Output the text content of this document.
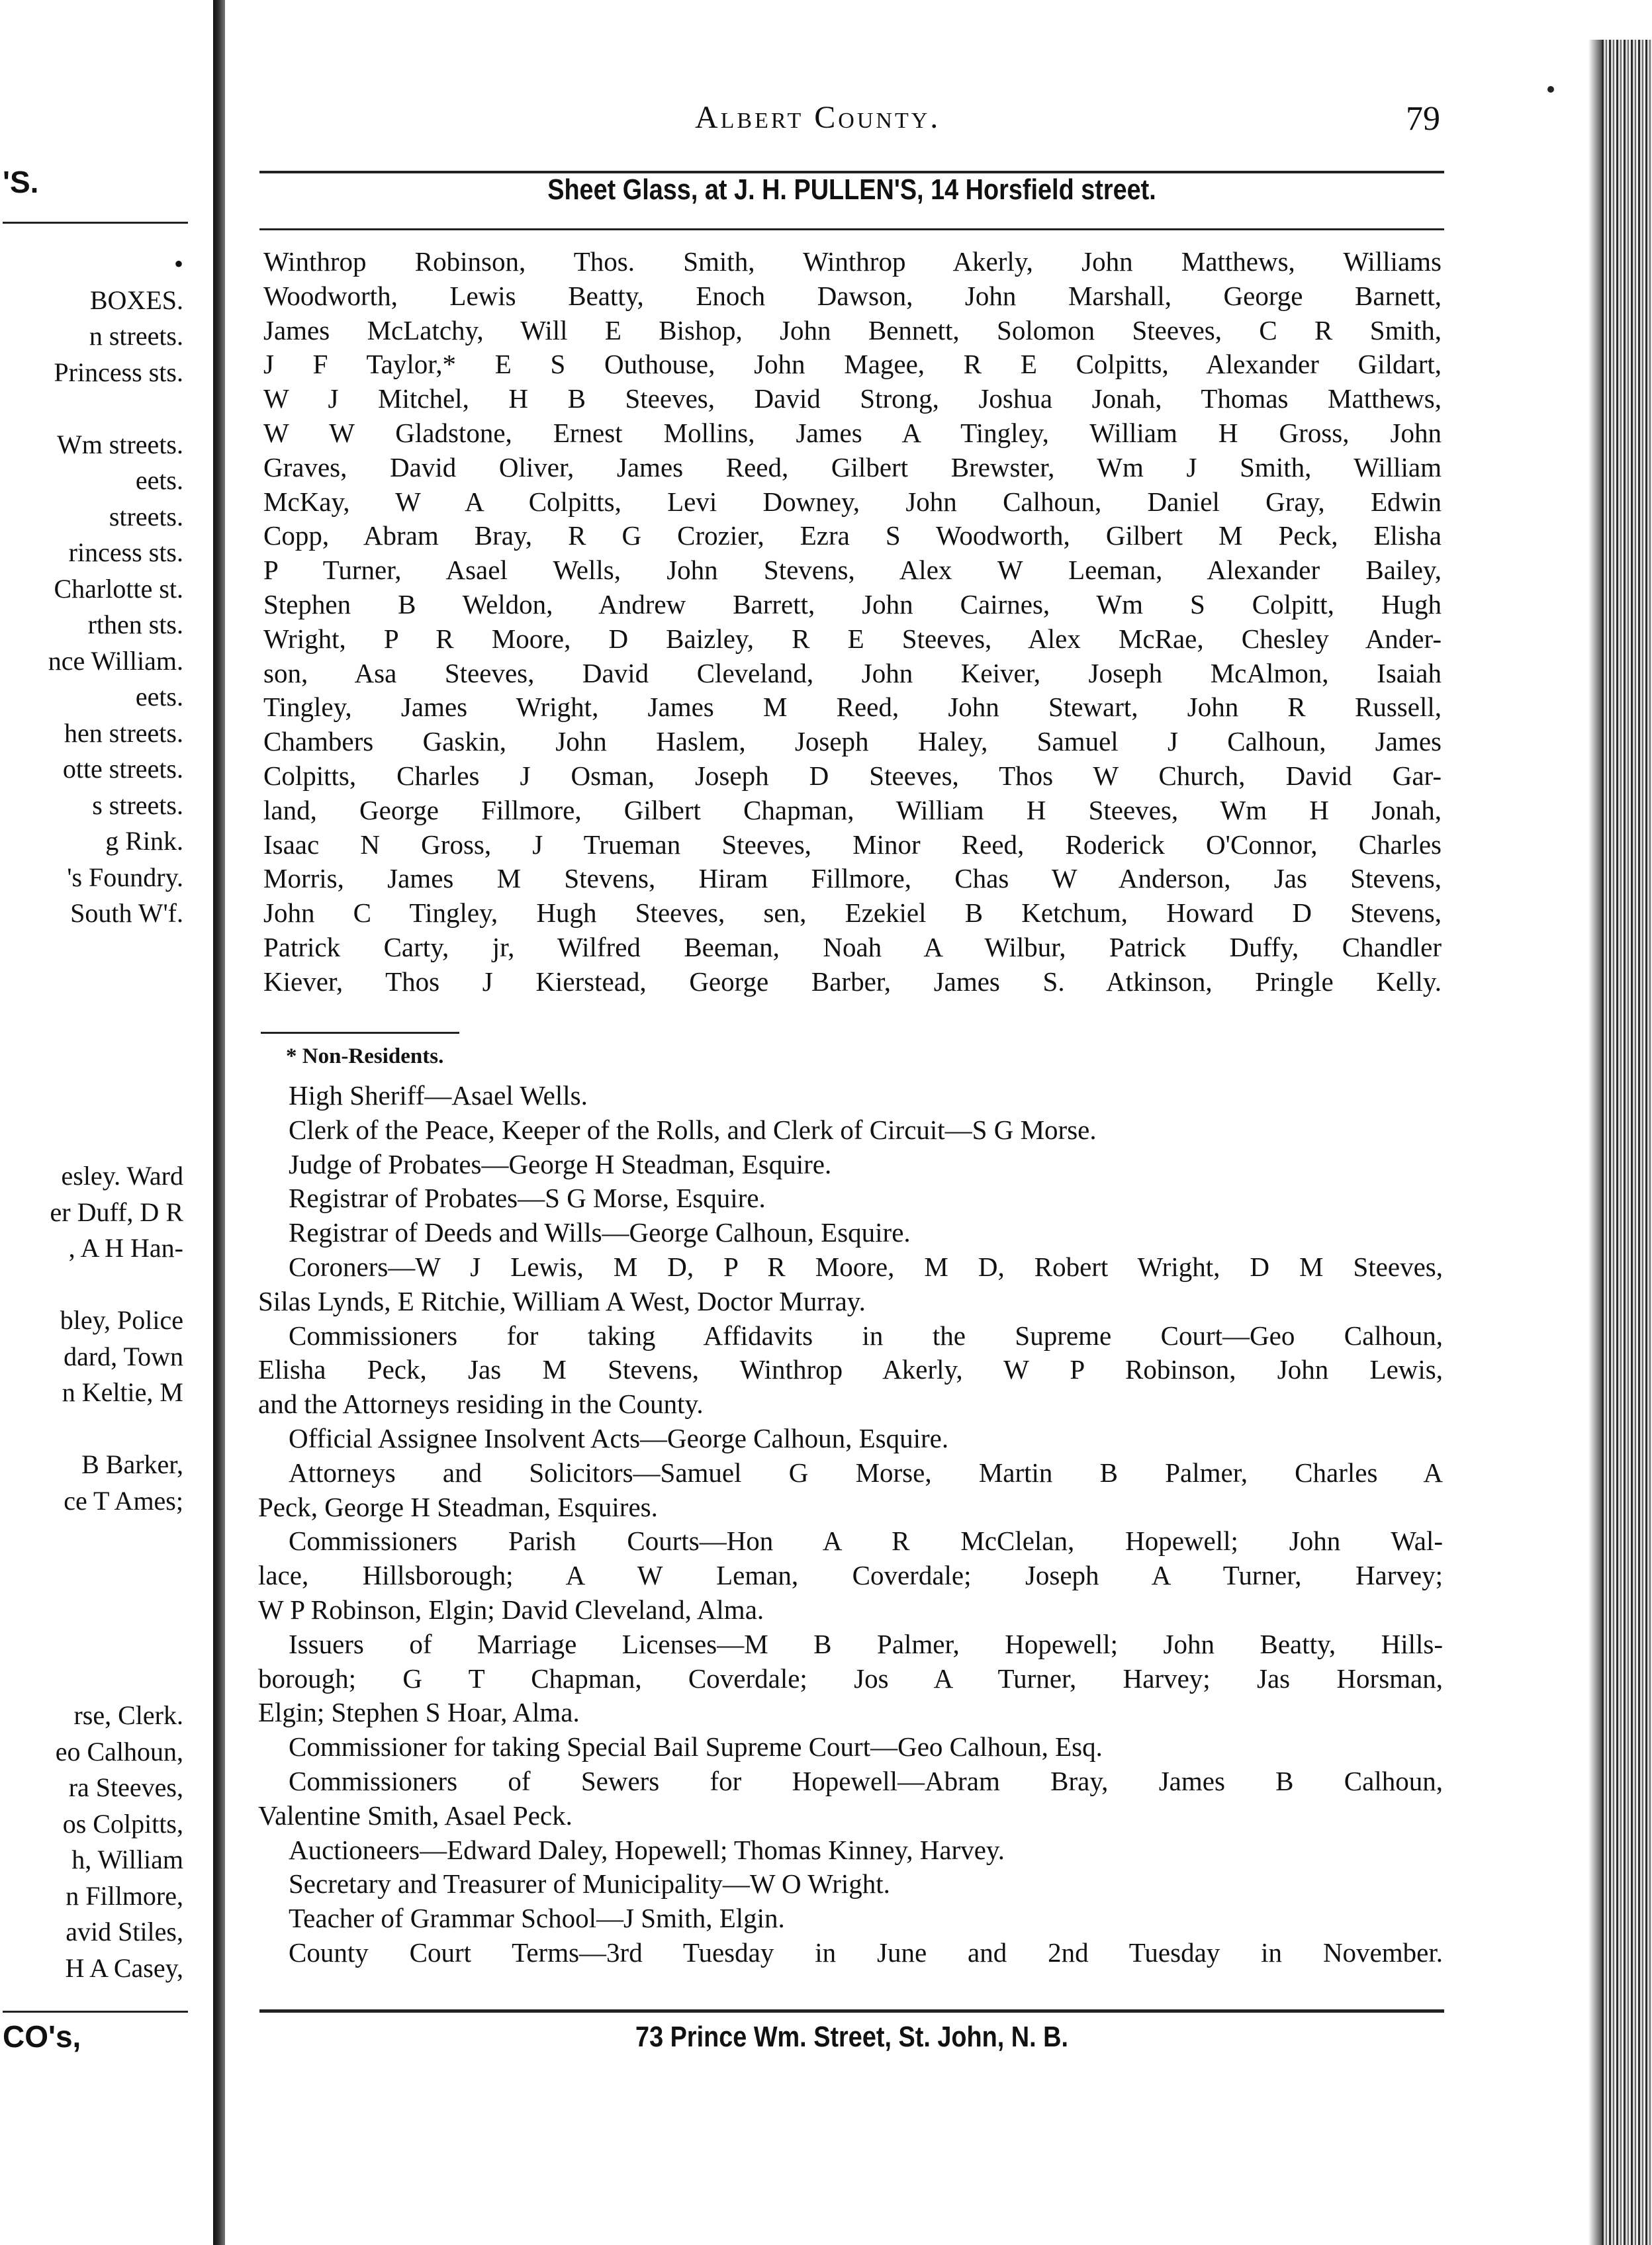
'S.
•
BOXES.
n streets.
Princess sts.
Wm streets.
eets.
streets.
rincess sts.
Charlotte st.
rthen sts.
nce William.
eets.
hen streets.
otte streets.
s streets.
g Rink.
's Foundry.
South W'f.
esley. Ward
er Duff, D R
, A H Han-
bley, Police
dard, Town
n Keltie, M
B Barker,
ce T Ames;
rse, Clerk.
eo Calhoun,
ra Steeves,
os Colpitts,
h, William
n Fillmore,
avid Stiles,
H A Casey,
CO's,
Albert County.	79
Sheet Glass, at J. H. PULLEN'S, 14 Horsfield street.

Winthrop Robinson, Thos. Smith, Winthrop Akerly, John Matthews, Williams

Woodworth, Lewis Beatty, Enoch Dawson, John Marshall, George Barnett,

James McLatchy, Will E Bishop, John Bennett, Solomon Steeves, C R Smith,

J F Taylor,* E S Outhouse, John Magee, R E Colpitts, Alexander Gildart,

W J Mitchel, H B Steeves, David Strong, Joshua Jonah, Thomas Matthews,

W W Gladstone, Ernest Mollins, James A Tingley, William H Gross, John

Graves, David Oliver, James Reed, Gilbert Brewster, Wm J Smith, William

McKay, W A Colpitts, Levi Downey, John Calhoun, Daniel Gray, Edwin

Copp, Abram Bray, R G Crozier, Ezra S Woodworth, Gilbert M Peck, Elisha

P Turner, Asael Wells, John Stevens, Alex W Leeman, Alexander Bailey,

Stephen B Weldon, Andrew Barrett, John Cairnes, Wm S Colpitt, Hugh

Wright, P R Moore, D Baizley, R E Steeves, Alex McRae, Chesley Ander-

son, Asa Steeves, David Cleveland, John Keiver, Joseph McAlmon, Isaiah

Tingley, James Wright, James M Reed, John Stewart, John R Russell,

Chambers Gaskin, John Haslem, Joseph Haley, Samuel J Calhoun, James

Colpitts, Charles J Osman, Joseph D Steeves, Thos W Church, David Gar-

land, George Fillmore, Gilbert Chapman, William H Steeves, Wm H Jonah,

Isaac N Gross, J Trueman Steeves, Minor Reed, Roderick O'Connor, Charles

Morris, James M Stevens, Hiram Fillmore, Chas W Anderson, Jas Stevens,

John C Tingley, Hugh Steeves, sen, Ezekiel B Ketchum, Howard D Stevens,

Patrick Carty, jr, Wilfred Beeman, Noah A Wilbur, Patrick Duffy, Chandler

Kiever, Thos J Kierstead, George Barber, James S. Atkinson, Pringle Kelly.

* Non-Residents.
High Sheriff—Asael Wells.
Clerk of the Peace, Keeper of the Rolls, and Clerk of Circuit—S G Morse.
Judge of Probates—George H Steadman, Esquire.
Registrar of Probates—S G Morse, Esquire.
Registrar of Deeds and Wills—George Calhoun, Esquire.
Coroners—W J Lewis, M D, P R Moore, M D, Robert Wright, D M Steeves,
Silas Lynds, E Ritchie, William A West, Doctor Murray.
Commissioners for taking Affidavits in the Supreme Court—Geo Calhoun,
Elisha Peck, Jas M Stevens, Winthrop Akerly, W P Robinson, John Lewis,
and the Attorneys residing in the County.
Official Assignee Insolvent Acts—George Calhoun, Esquire.
Attorneys and Solicitors—Samuel G Morse, Martin B Palmer, Charles A
Peck, George H Steadman, Esquires.
Commissioners Parish Courts—Hon A R McClelan, Hopewell; John Wal-
lace, Hillsborough; A W Leman, Coverdale; Joseph A Turner, Harvey;
W P Robinson, Elgin; David Cleveland, Alma.
Issuers of Marriage Licenses—M B Palmer, Hopewell; John Beatty, Hills-
borough; G T Chapman, Coverdale; Jos A Turner, Harvey; Jas Horsman,
Elgin; Stephen S Hoar, Alma.
Commissioner for taking Special Bail Supreme Court—Geo Calhoun, Esq.
Commissioners of Sewers for Hopewell—Abram Bray, James B Calhoun,
Valentine Smith, Asael Peck.
Auctioneers—Edward Daley, Hopewell; Thomas Kinney, Harvey.
Secretary and Treasurer of Municipality—W O Wright.
Teacher of Grammar School—J Smith, Elgin.
County Court Terms—3rd Tuesday in June and 2nd Tuesday in November.
73 Prince Wm. Street, St. John, N. B.
